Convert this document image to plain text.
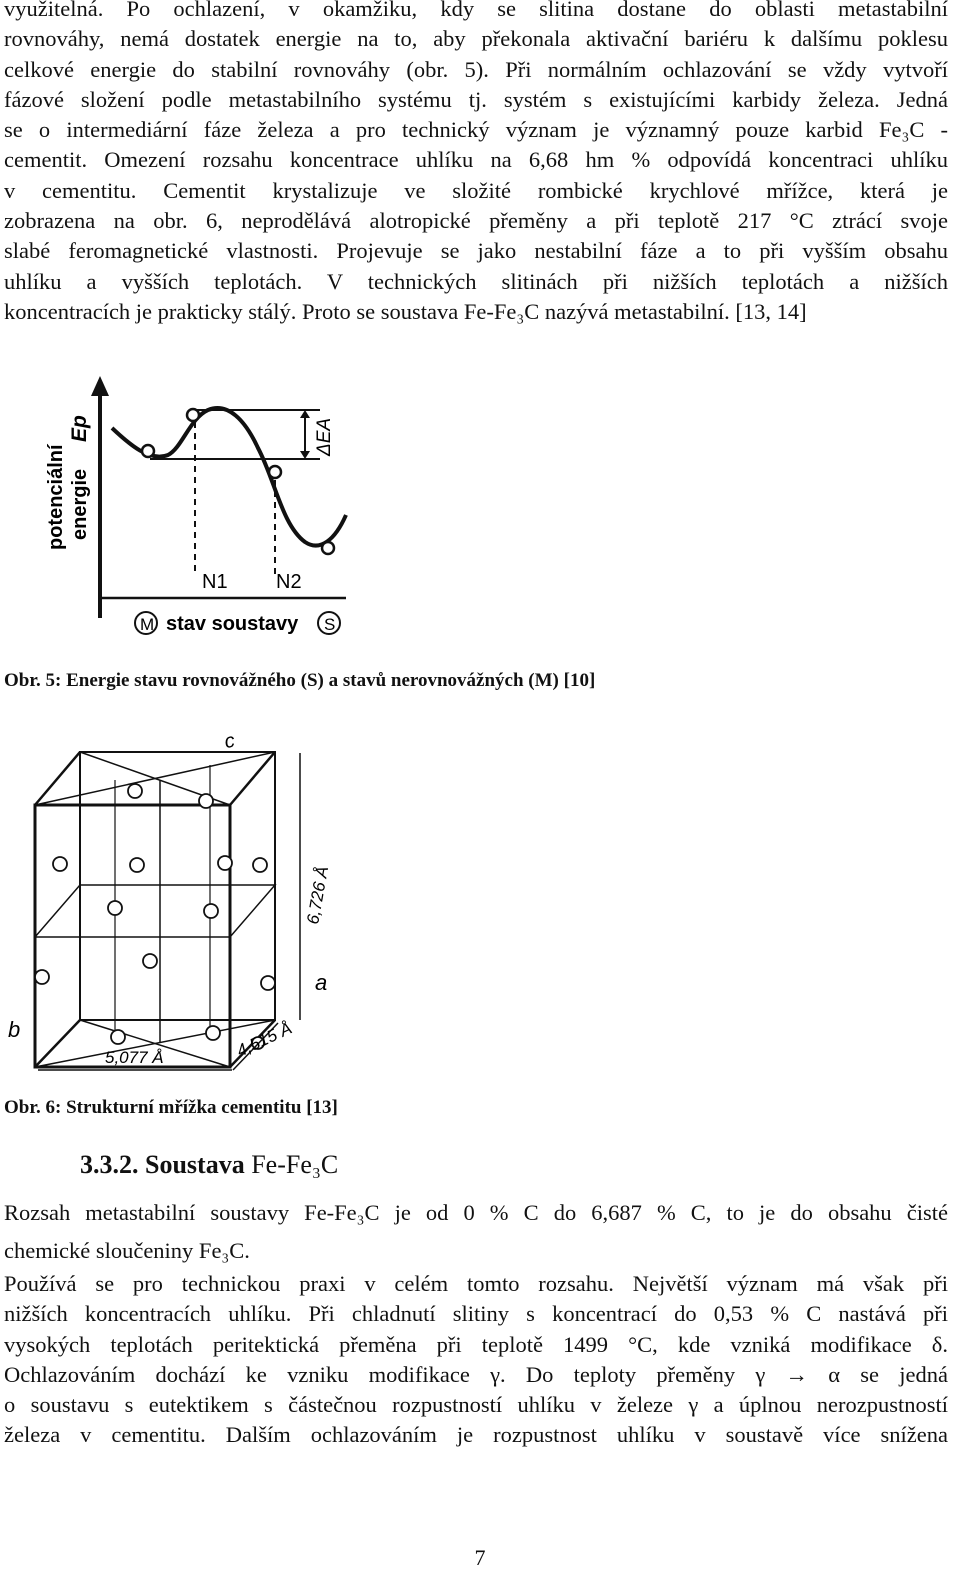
využitelná. Po ochlazení, v okamžiku, kdy se slitina dostane do oblasti metastabilní
rovnováhy, nemá dostatek energie na to, aby překonala aktivační bariéru k dalšímu poklesu
celkové energie do stabilní rovnováhy (obr. 5). Při normálním ochlazování se vždy vytvoří
fázové složení podle metastabilního systému tj. systém s existujícími karbidy železa. Jedná
se o intermediární fáze železa a pro technický význam je významný pouze karbid Fe₃C -
cementit. Omezení rozsahu koncentrace uhlíku na 6,68 hm % odpovídá koncentraci uhlíku
v cementitu. Cementit krystalizuje ve složité rombické krychlové mřížce, která je
zobrazena na obr. 6, neprodělává alotropické přeměny a při teplotě 217 °C ztrácí svoje
slabé feromagnetické vlastnosti. Projevuje se jako nestabilní fáze a to při vyšším obsahu
uhlíku a vyšších teplotách. V technických slitinách při nižších teplotách a nižších
koncentracích je prakticky stálý. Proto se soustava Fe-Fe₃C nazývá metastabilní. [13, 14]
potenciální energie
Ep	ΔEA
N1 N2
M stav soustavy S

Obr. 5: Energie stavu rovnovážného (S) a stavů nerovnovážných (M) [10]

c
a
b
6,726 Å
5,077 Å	4,515 Å

Obr. 6: Strukturní mřížka cementitu [13]

3.3.2. Soustava Fe-Fe₃C
Rozsah metastabilní soustavy Fe-Fe₃C je od 0 % C do 6,687 % C, to je do obsahu čisté
chemické sloučeniny Fe₃C.
Používá se pro technickou praxi v celém tomto rozsahu. Největší význam má však při
nižších koncentracích uhlíku. Při chladnutí slitiny s koncentrací do 0,53 % C nastává při
vysokých teplotách peritektická přeměna při teplotě 1499 °C, kde vzniká modifikace δ.
Ochlazováním dochází ke vzniku modifikace γ. Do teploty přeměny γ → α se jedná
o soustavu s eutektikem s částečnou rozpustností uhlíku v železe γ a úplnou nerozpustností
železa v cementitu. Dalším ochlazováním je rozpustnost uhlíku v soustavě více snížena
7
